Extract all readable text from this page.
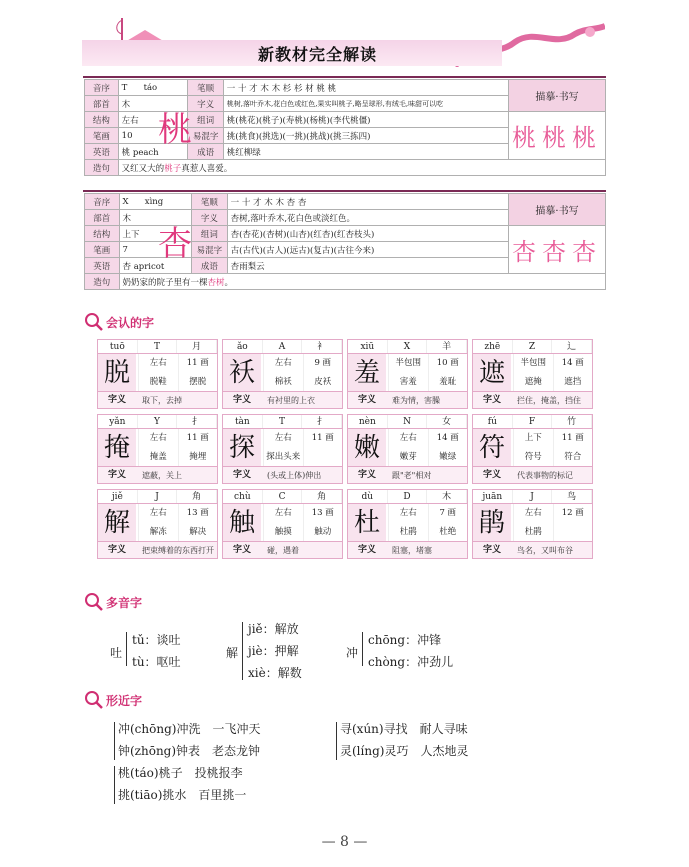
新教材完全解读
音序	T táo	笔顺	一 十 才 木 木 杉 杉 材 桃 桃	描摹·书写
部首	木	字义	桃树,落叶乔木,花白色或红色,果实叫桃子,略呈球形,有绒毛,味甜可以吃	
结构	左右	组词	桃(桃花)(桃子)(寿桃)(杨桃)(李代桃僵)	桃桃桃
笔画	10	易混字	挑(挑食)(挑选)(一挑)(挑战)(挑三拣四)	
英语	桃 peach	成语	桃红柳绿	
造句	又红又大的桃子真惹人喜爱。			
桃
音序	X xìng	笔顺	一 十 才 木 木 杏 杏	描摹·书写
部首	木	字义	杏树,落叶乔木,花白色或淡红色。	
结构	上下	组词	杏(杏花)(杏树)(山杏)(红杏)(红杏枝头)	杏杏杏
笔画	7	易混字	古(古代)(古人)(远古)(复古)(古往今来)	
英语	杏 apricot	成语	杏雨梨云	
造句	奶奶家的院子里有一棵杏树。			
杏
会认的字
tuō	T	月
脱	左右	11 画
脱鞋	摆脱
字义	取下，去掉
ǎo	A	衤
袄	左右	9 画
棉袄	皮袄
字义	有衬里的上衣
xiū	X	羊
羞	半包围	10 画
害羞	羞耻
字义	难为情，害臊
zhē	Z	辶
遮	半包围	14 画
遮掩	遮挡
字义	拦住，掩盖，挡住
yǎn	Y	扌
掩	左右	11 画
掩盖	掩埋
字义	遮蔽，关上
tàn	T	扌
探	左右	11 画
探出头来
字义	(头或上体)伸出
nèn	N	女
嫩	左右	14 画
嫩芽	嫩绿
字义	跟"老"相对
fú	F	竹
符	上下	11 画
符号	符合
字义	代表事物的标记
jiě	J	角
解	左右	13 画
解冻	解决
字义	把束缚着的东西打开
chù	C	角
触	左右	13 画
触摸	触动
字义	碰，遇着
dù	D	木
杜	左右	7 画
杜鹃	杜绝
字义	阻塞，堵塞
juān	J	鸟
鹃	左右	12 画
杜鹃
字义	鸟名，又叫布谷
多音字
吐
tǔ：谈吐
tù：呕吐
解
jiě：解放
jiè：押解
xiè：解数
冲
chōng：冲锋
chòng：冲劲儿
形近字
冲(chōng)冲洗　一飞冲天
钟(zhōng)钟表　老态龙钟
桃(táo)桃子　投桃报李
挑(tiāo)挑水　百里挑一
寻(xún)寻找　耐人寻味
灵(líng)灵巧　人杰地灵
— 8 —
